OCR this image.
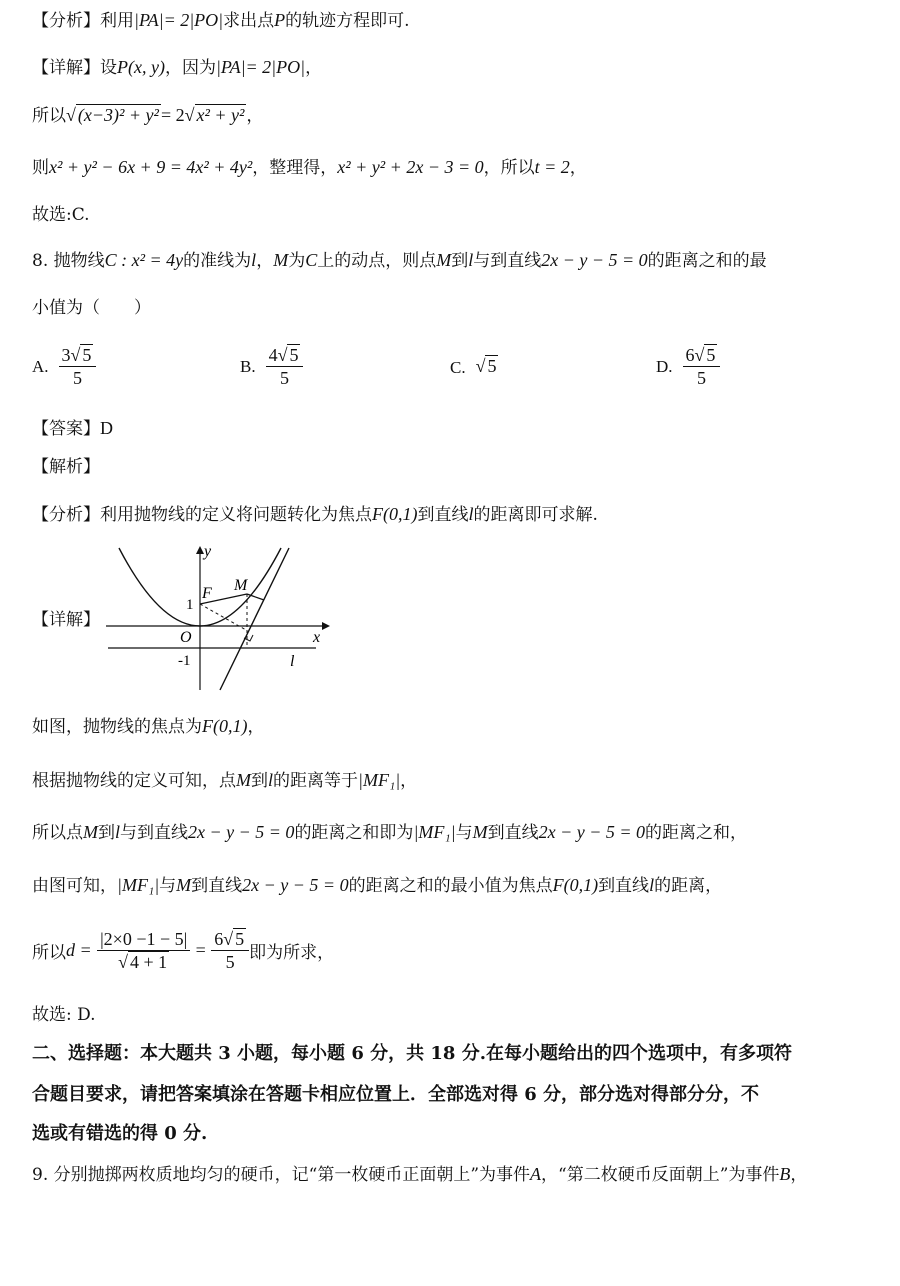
【分析】利用|PA|= 2|PO|求出点P的轨迹方程即可.
【详解】设P(x, y)，因为|PA|= 2|PO|，
所以√ (x−3)² + y² = 2√ x² + y² ，
则x² + y² − 6x + 9 = 4x² + 4y²，整理得，x² + y² + 2x − 3 = 0，所以t = 2，
故选:C.
8. 抛物线C : x² = 4y的准线为l，M为C上的动点，则点M到l与到直线2x − y − 5 = 0的距离之和的最
小值为（　　）
A. $\frac{3√ 5}{5}$	B. $\frac{4√ 5}{5}$	C. √ 5	D. $\frac{6√ 5}{5}$
【答案】D
【解析】
【分析】利用抛物线的定义将问题转化为焦点F(0,1)到直线l的距离即可求解.
【详解】
y
x
O
F M
1
-1	l
如图，抛物线的焦点为F(0,1)，
根据抛物线的定义可知，点M到l的距离等于|MF₁|，
所以点M到l与到直线2x − y − 5 = 0的距离之和即为|MF₁|与M到直线2x − y − 5 = 0的距离之和，
由图可知，|MF₁|与M到直线2x − y − 5 = 0的距离之和的最小值为焦点F(0,1)到直线l的距离，
所以$d = \frac{|2\times 0 -1 - 5|}{√ 4 + 1} = \frac{6√ 5}{5}$ 即为所求，
故选: D.
二、选择题：本大题共 3 小题，每小题 6 分，共 18 分.在每小题给出的四个选项中，有多项符
合题目要求，请把答案填涂在答题卡相应位置上．全部选对得 6 分，部分选对得部分分，不
选或有错选的得 0 分.
9. 分别抛掷两枚质地均匀的硬币，记“第一枚硬币正面朝上”为事件A，“第二枚硬币反面朝上”为事件B，
